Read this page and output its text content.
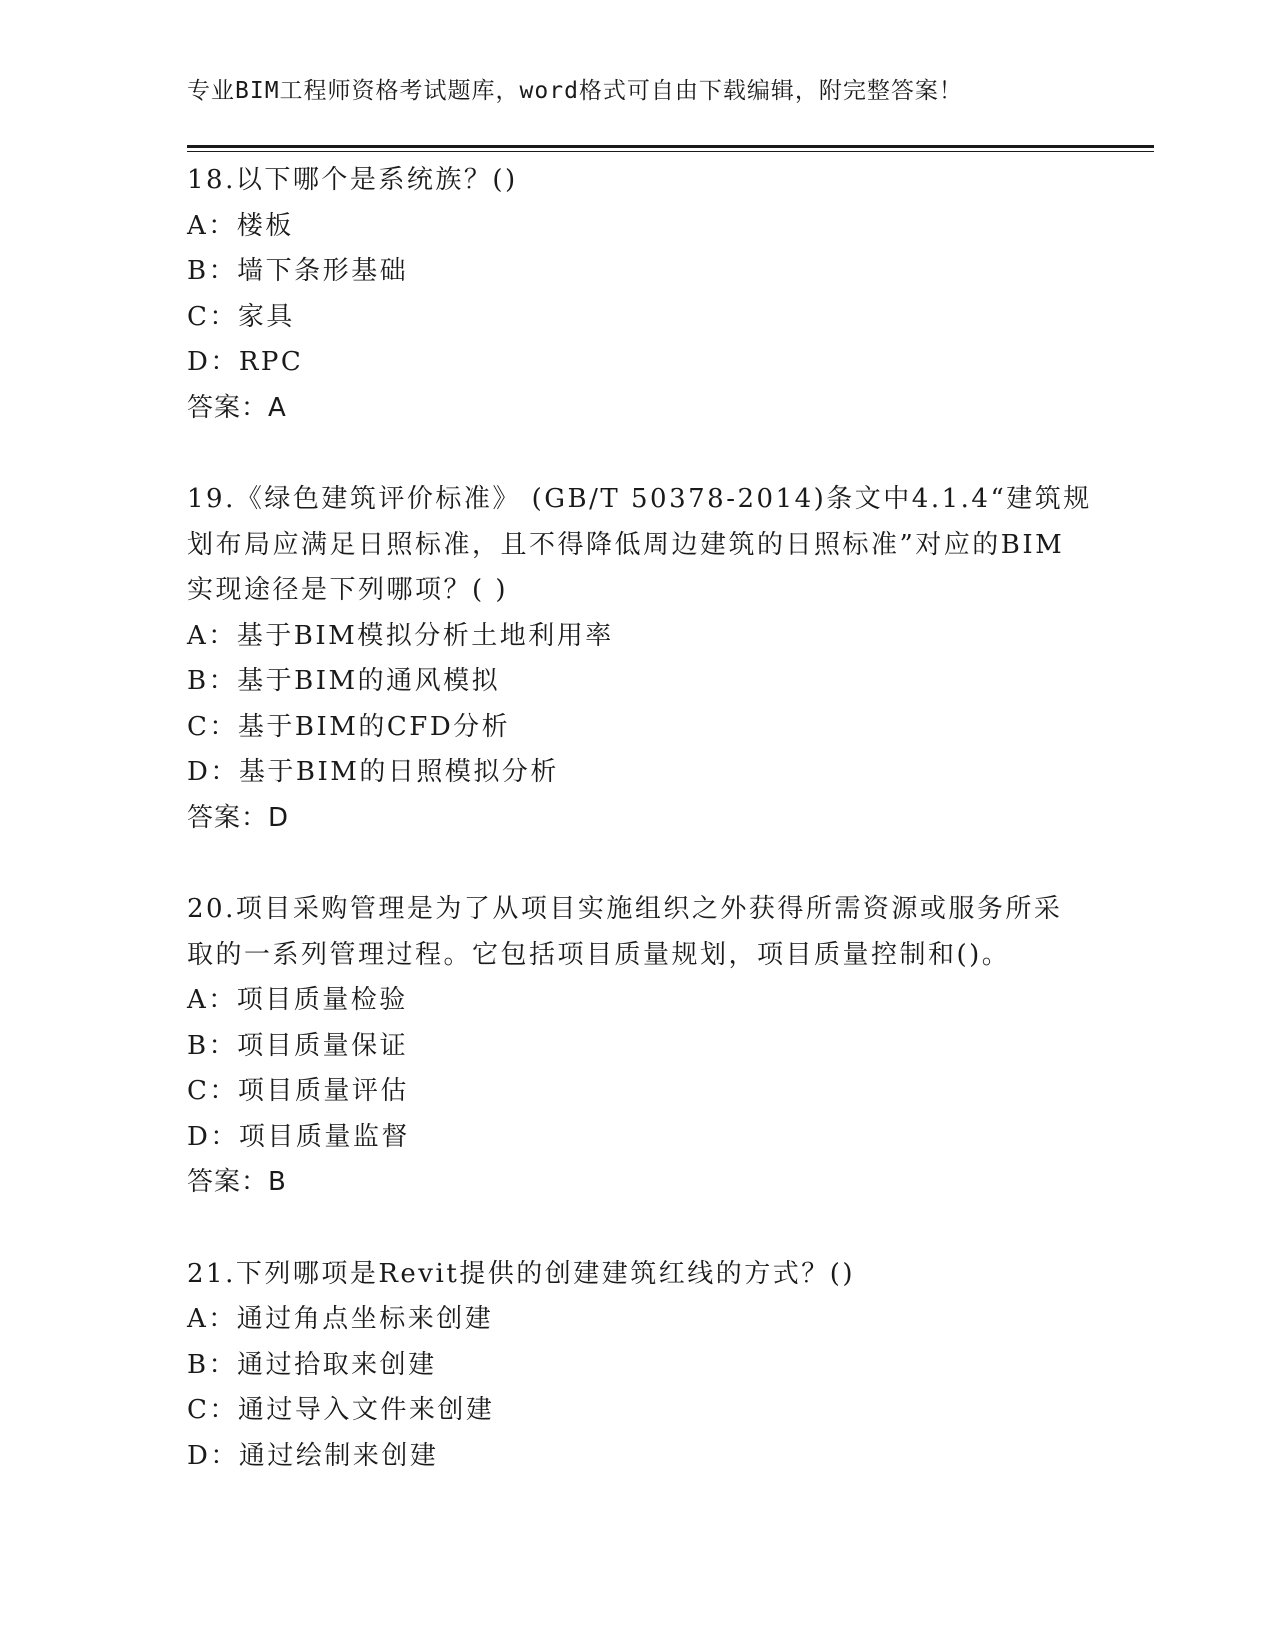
专业BIM工程师资格考试题库，word格式可自由下载编辑，附完整答案！
18.以下哪个是系统族？()
A：楼板
B：墙下条形基础
C：家具
D：RPC
答案：A
19.《绿色建筑评价标准》 (GB/T 50378-2014)条文中4.1.4“建筑规
划布局应满足日照标准，且不得降低周边建筑的日照标准”对应的BIM
实现途径是下列哪项？( )
A：基于BIM模拟分析土地利用率
B：基于BIM的通风模拟
C：基于BIM的CFD分析
D：基于BIM的日照模拟分析
答案：D
20.项目采购管理是为了从项目实施组织之外获得所需资源或服务所采
取的一系列管理过程。它包括项目质量规划，项目质量控制和()。
A：项目质量检验
B：项目质量保证
C：项目质量评估
D：项目质量监督
答案：B
21.下列哪项是Revit提供的创建建筑红线的方式？()
A：通过角点坐标来创建
B：通过拾取来创建
C：通过导入文件来创建
D：通过绘制来创建
